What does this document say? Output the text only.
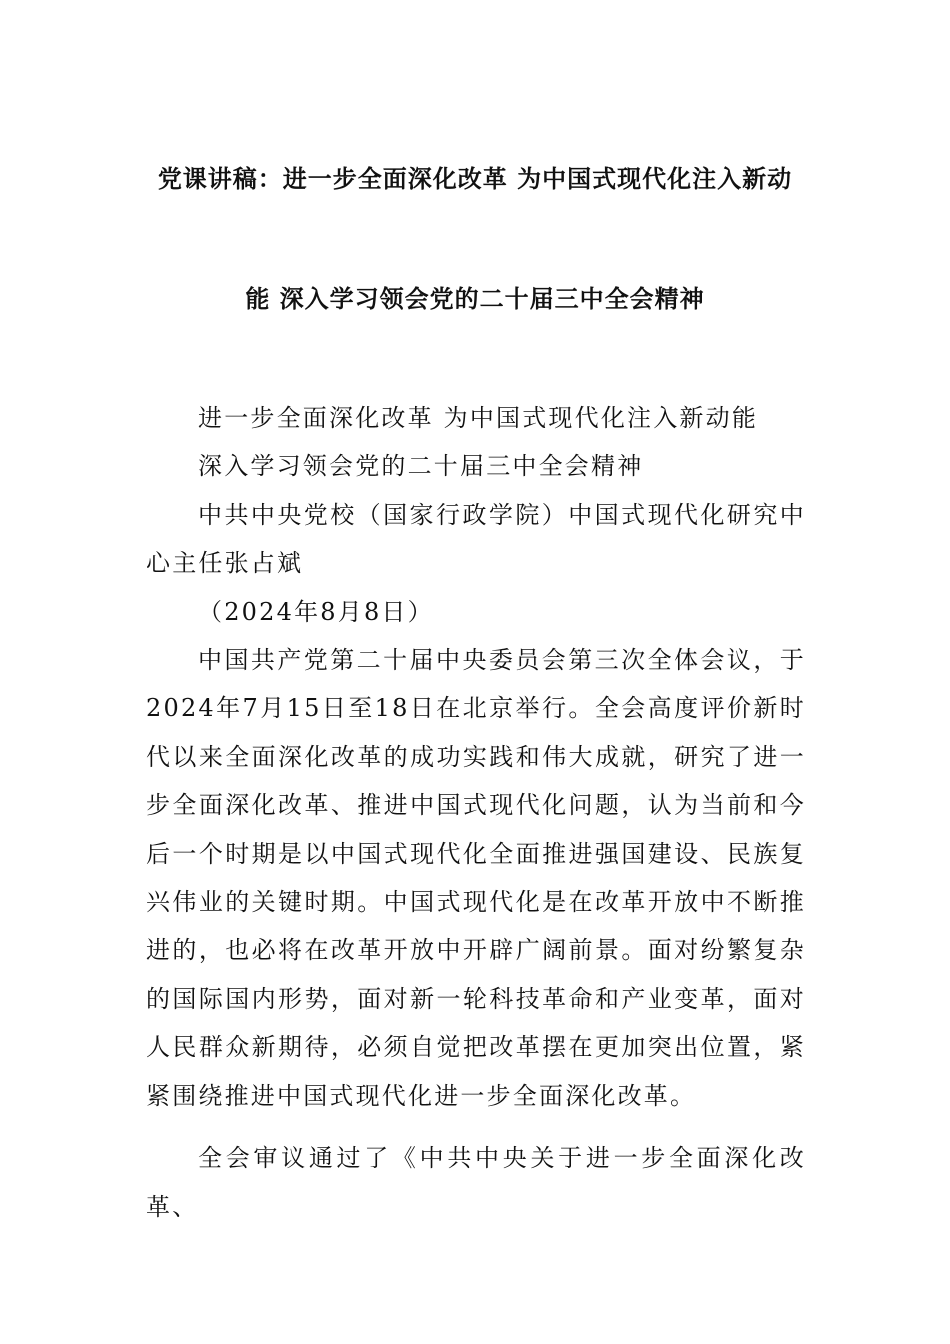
党课讲稿：进一步全面深化改革 为中国式现代化注入新动
能 深入学习领会党的二十届三中全会精神

进一步全面深化改革 为中国式现代化注入新动能

深入学习领会党的二十届三中全会精神

中共中央党校（国家行政学院）中国式现代化研究中心主任张占斌

（2024年8月8日）

中国共产党第二十届中央委员会第三次全体会议，于2024年7月15日至18日在北京举行。全会高度评价新时代以来全面深化改革的成功实践和伟大成就，研究了进一步全面深化改革、推进中国式现代化问题，认为当前和今后一个时期是以中国式现代化全面推进强国建设、民族复兴伟业的关键时期。中国式现代化是在改革开放中不断推进的，也必将在改革开放中开辟广阔前景。面对纷繁复杂的国际国内形势，面对新一轮科技革命和产业变革，面对人民群众新期待，必须自觉把改革摆在更加突出位置，紧紧围绕推进中国式现代化进一步全面深化改革。

全会审议通过了《中共中央关于进一步全面深化改革、
